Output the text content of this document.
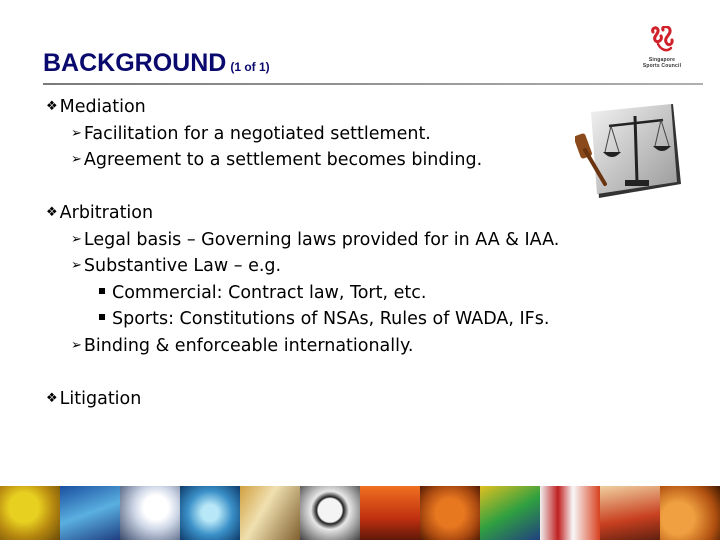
BACKGROUND (1 of 1)	Singapore
Sports Council
❖ Mediation
➢ Facilitation for a negotiated settlement.
➢ Agreement to a settlement becomes binding.
❖ Arbitration
➢ Legal basis – Governing laws provided for in AA & IAA.
➢ Substantive Law – e.g.
Commercial: Contract law, Tort, etc.
Sports: Constitutions of NSAs, Rules of WADA, IFs.
➢ Binding & enforceable internationally.
❖ Litigation
